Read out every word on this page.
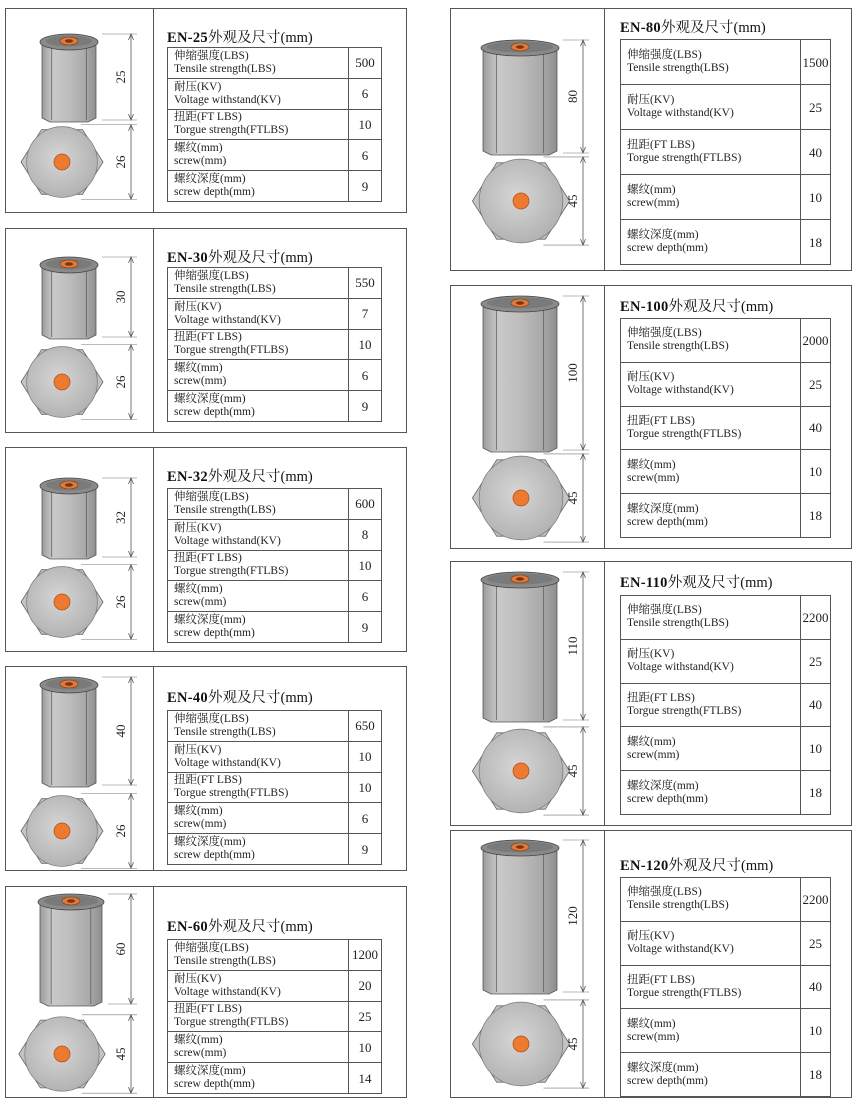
EN-25外观及尺寸(mm)
伸缩强度(LBS)
Tensile strength(LBS)	500

耐压(KV)
Voltage withstand(KV)	6

扭距(FT LBS)
Torgue strength(FTLBS)	10

螺纹(mm)
screw(mm)	6

螺纹深度(mm)
screw depth(mm)	9
EN-30外观及尺寸(mm)
伸缩强度(LBS)
Tensile strength(LBS)	550

耐压(KV)
Voltage withstand(KV)	7

扭距(FT LBS)
Torgue strength(FTLBS)	10

螺纹(mm)
screw(mm)	6

螺纹深度(mm)
screw depth(mm)	9
EN-32外观及尺寸(mm)
伸缩强度(LBS)
Tensile strength(LBS)	600

耐压(KV)
Voltage withstand(KV)	8

扭距(FT LBS)
Torgue strength(FTLBS)	10

螺纹(mm)
screw(mm)	6

螺纹深度(mm)
screw depth(mm)	9
EN-40外观及尺寸(mm)
伸缩强度(LBS)
Tensile strength(LBS)	650

耐压(KV)
Voltage withstand(KV)	10

扭距(FT LBS)
Torgue strength(FTLBS)	10

螺纹(mm)
screw(mm)	6

螺纹深度(mm)
screw depth(mm)	9
EN-60外观及尺寸(mm)
伸缩强度(LBS)
Tensile strength(LBS)	1200

耐压(KV)
Voltage withstand(KV)	20

扭距(FT LBS)
Torgue strength(FTLBS)	25

螺纹(mm)
screw(mm)	10

螺纹深度(mm)
screw depth(mm)	14
EN-80外观及尺寸(mm)
伸缩强度(LBS)
Tensile strength(LBS)	1500

耐压(KV)
Voltage withstand(KV)	25

扭距(FT LBS)
Torgue strength(FTLBS)	40

螺纹(mm)
screw(mm)	10

螺纹深度(mm)
screw depth(mm)	18
EN-100外观及尺寸(mm)
伸缩强度(LBS)
Tensile strength(LBS)	2000

耐压(KV)
Voltage withstand(KV)	25

扭距(FT LBS)
Torgue strength(FTLBS)	40

螺纹(mm)
screw(mm)	10

螺纹深度(mm)
screw depth(mm)	18
EN-110外观及尺寸(mm)
伸缩强度(LBS)
Tensile strength(LBS)	2200

耐压(KV)
Voltage withstand(KV)	25

扭距(FT LBS)
Torgue strength(FTLBS)	40

螺纹(mm)
screw(mm)	10

螺纹深度(mm)
screw depth(mm)	18
EN-120外观及尺寸(mm)
伸缩强度(LBS)
Tensile strength(LBS)	2200

耐压(KV)
Voltage withstand(KV)	25

扭距(FT LBS)
Torgue strength(FTLBS)	40

螺纹(mm)
screw(mm)	10

螺纹深度(mm)
screw depth(mm)	18
25
26
30
26
32
26
40
26
60
45
80
45
100
45
110
45
120
45
